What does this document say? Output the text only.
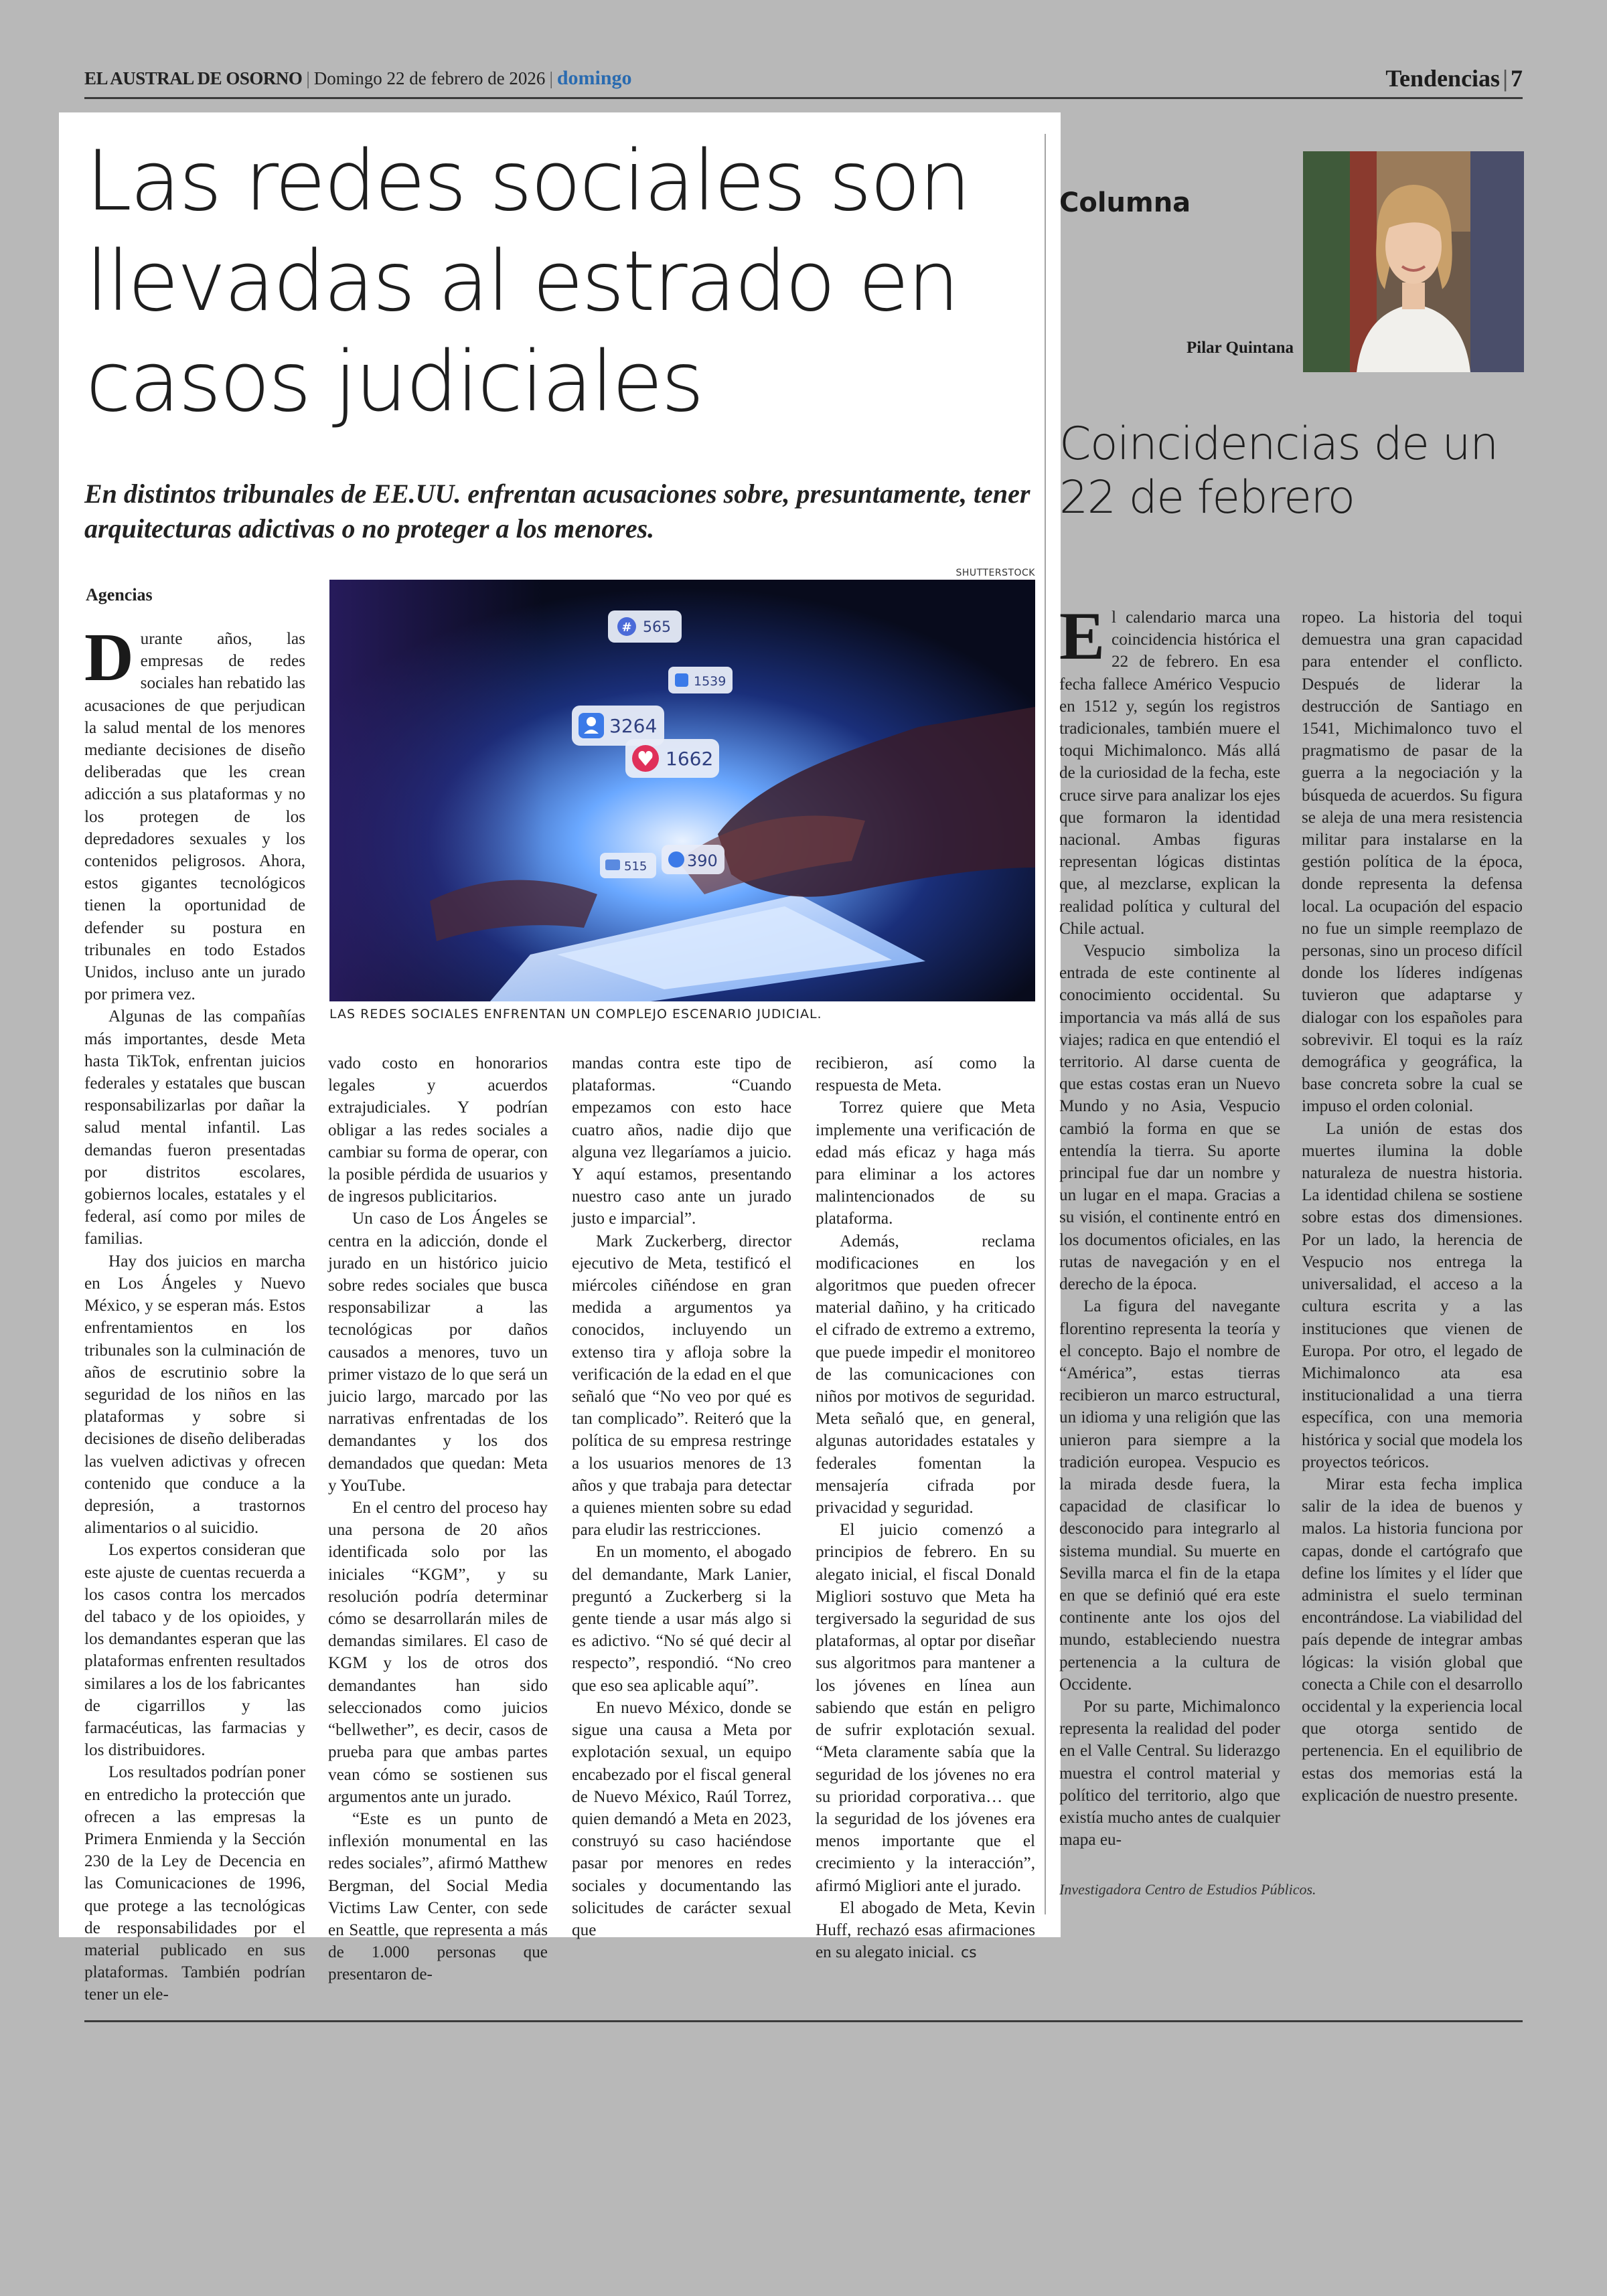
EL AUSTRAL DE OSORNO | Domingo 22 de febrero de 2026 | domingo	Tendencias | 7
Las redes sociales son llevadas al estrado en casos judiciales
En distintos tribunales de EE.UU. enfrentan acusaciones sobre, presuntamente, tener arquitecturas adictivas o no proteger a los menores.
SHUTTERSTOCK
Agencias
# 565
1539
3264
1662
515 390
LAS REDES SOCIALES ENFRENTAN UN COMPLEJO ESCENARIO JUDICIAL.
D urante años, las empresas de redes sociales han rebatido las acusaciones de que perjudican la salud mental de los menores mediante decisiones de diseño deliberadas que les crean adicción a sus plataformas y no los protegen de los depredadores sexuales y los contenidos peligrosos. Ahora, estos gigantes tecnológicos tienen la oportunidad de defender su postura en tribunales en todo Estados Unidos, incluso ante un jurado por primera vez.

Algunas de las compañías más importantes, desde Meta hasta TikTok, enfrentan juicios federales y estatales que buscan responsabilizarlas por dañar la salud mental infantil. Las demandas fueron presentadas por distritos escolares, gobiernos locales, estatales y el federal, así como por miles de familias.

Hay dos juicios en marcha en Los Ángeles y Nuevo México, y se esperan más. Estos enfrentamientos en los tribunales son la culminación de años de escrutinio sobre la seguridad de los niños en las plataformas y sobre si decisiones de diseño deliberadas las vuelven adictivas y ofrecen contenido que conduce a la depresión, a trastornos alimentarios o al suicidio.

Los expertos consideran que este ajuste de cuentas recuerda a los casos contra los mercados del tabaco y de los opioides, y los demandantes esperan que las plataformas enfrenten resultados similares a los de los fabricantes de cigarrillos y las farmacéuticas, las farmacias y los distribuidores.

Los resultados podrían poner en entredicho la protección que ofrecen a las empresas la Primera Enmienda y la Sección 230 de la Ley de Decencia en las Comunicaciones de 1996, que protege a las tecnológicas de responsabilidades por el material publicado en sus plataformas. También podrían tener un ele-

vado costo en honorarios legales y acuerdos extrajudiciales. Y podrían obligar a las redes sociales a cambiar su forma de operar, con la posible pérdida de usuarios y de ingresos publicitarios.

Un caso de Los Ángeles se centra en la adicción, donde el jurado en un histórico juicio sobre redes sociales que busca responsabilizar a las tecnológicas por daños causados a menores, tuvo un primer vistazo de lo que será un juicio largo, marcado por las narrativas enfrentadas de los demandantes y los dos demandados que quedan: Meta y YouTube.

En el centro del proceso hay una persona de 20 años identificada solo por las iniciales “KGM”, y su resolución podría determinar cómo se desarrollarán miles de demandas similares. El caso de KGM y los de otros dos demandantes han sido seleccionados como juicios “bellwether”, es decir, casos de prueba para que ambas partes vean cómo se sostienen sus argumentos ante un jurado.

“Este es un punto de inflexión monumental en las redes sociales”, afirmó Matthew Bergman, del Social Media Victims Law Center, con sede en Seattle, que representa a más de 1.000 personas que presentaron de-

mandas contra este tipo de plataformas. “Cuando empezamos con esto hace cuatro años, nadie dijo que alguna vez llegaríamos a juicio. Y aquí estamos, presentando nuestro caso ante un jurado justo e imparcial”.

Mark Zuckerberg, director ejecutivo de Meta, testificó el miércoles ciñéndose en gran medida a argumentos ya conocidos, incluyendo un extenso tira y afloja sobre la verificación de la edad en el que señaló que “No veo por qué es tan complicado”. Reiteró que la política de su empresa restringe a los usuarios menores de 13 años y que trabaja para detectar a quienes mienten sobre su edad para eludir las restricciones.

En un momento, el abogado del demandante, Mark Lanier, preguntó a Zuckerberg si la gente tiende a usar más algo si es adictivo. “No sé qué decir al respecto”, respondió. “No creo que eso sea aplicable aquí”.

En nuevo México, donde se sigue una causa a Meta por explotación sexual, un equipo encabezado por el fiscal general de Nuevo México, Raúl Torrez, quien demandó a Meta en 2023, construyó su caso haciéndose pasar por menores en redes sociales y documentando las solicitudes de carácter sexual que

recibieron, así como la respuesta de Meta.

Torrez quiere que Meta implemente una verificación de edad más eficaz y haga más para eliminar a los actores malintencionados de su plataforma.

Además, reclama modificaciones en los algoritmos que pueden ofrecer material dañino, y ha criticado el cifrado de extremo a extremo, que puede impedir el monitoreo de las comunicaciones con niños por motivos de seguridad. Meta señaló que, en general, algunas autoridades estatales y federales fomentan la mensajería cifrada por privacidad y seguridad.

El juicio comenzó a principios de febrero. En su alegato inicial, el fiscal Donald Migliori sostuvo que Meta ha tergiversado la seguridad de sus plataformas, al optar por diseñar sus algoritmos para mantener a los jóvenes en línea aun sabiendo que están en peligro de sufrir explotación sexual. “Meta claramente sabía que la seguridad de los jóvenes no era su prioridad corporativa… que la seguridad de los jóvenes era menos importante que el crecimiento y la interacción”, afirmó Migliori ante el jurado.

El abogado de Meta, Kevin Huff, rechazó esas afirmaciones en su alegato inicial. cs

Columna
Pilar Quintana
Coincidencias de un 22 de febrero
E l calendario marca una coincidencia histórica el 22 de febrero. En esa fecha fallece Américo Vespucio en 1512 y, según los registros tradicionales, también muere el toqui Michimalonco. Más allá de la curiosidad de la fecha, este cruce sirve para analizar los ejes que formaron la identidad nacional. Ambas figuras representan lógicas distintas que, al mezclarse, explican la realidad política y cultural del Chile actual.

Vespucio simboliza la entrada de este continente al conocimiento occidental. Su importancia va más allá de sus viajes; radica en que entendió el territorio. Al darse cuenta de que estas costas eran un Nuevo Mundo y no Asia, Vespucio cambió la forma en que se entendía la tierra. Su aporte principal fue dar un nombre y un lugar en el mapa. Gracias a su visión, el continente entró en los documentos oficiales, en las rutas de navegación y en el derecho de la época.

La figura del navegante florentino representa la teoría y el concepto. Bajo el nombre de “América”, estas tierras recibieron un marco estructural, un idioma y una religión que las unieron para siempre a la tradición europea. Vespucio es la mirada desde fuera, la capacidad de clasificar lo desconocido para integrarlo al sistema mundial. Su muerte en Sevilla marca el fin de la etapa en que se definió qué era este continente ante los ojos del mundo, estableciendo nuestra pertenencia a la cultura de Occidente.

Por su parte, Michimalonco representa la realidad del poder en el Valle Central. Su liderazgo muestra el control material y político del territorio, algo que existía mucho antes de cualquier mapa eu-

ropeo. La historia del toqui demuestra una gran capacidad para entender el conflicto. Después de liderar la destrucción de Santiago en 1541, Michimalonco tuvo el pragmatismo de pasar de la guerra a la negociación y la búsqueda de acuerdos. Su figura se aleja de una mera resistencia militar para instalarse en la gestión política de la época, donde representa la defensa local. La ocupación del espacio no fue un simple reemplazo de personas, sino un proceso difícil donde los líderes indígenas tuvieron que adaptarse y dialogar con los españoles para sobrevivir. El toqui es la raíz demográfica y geográfica, la base concreta sobre la cual se impuso el orden colonial.

La unión de estas dos muertes ilumina la doble naturaleza de nuestra historia. La identidad chilena se sostiene sobre estas dos dimensiones. Por un lado, la herencia de Vespucio nos entrega la universalidad, el acceso a la cultura escrita y a las instituciones que vienen de Europa. Por otro, el legado de Michimalonco ata esa institucionalidad a una tierra específica, con una memoria histórica y social que modela los proyectos teóricos.

Mirar esta fecha implica salir de la idea de buenos y malos. La historia funciona por capas, donde el cartógrafo que define los límites y el líder que administra el suelo terminan encontrándose. La viabilidad del país depende de integrar ambas lógicas: la visión global que conecta a Chile con el desarrollo occidental y la experiencia local que otorga sentido de pertenencia. En el equilibrio de estas dos memorias está la explicación de nuestro presente.

Investigadora Centro de Estudios Públicos.
